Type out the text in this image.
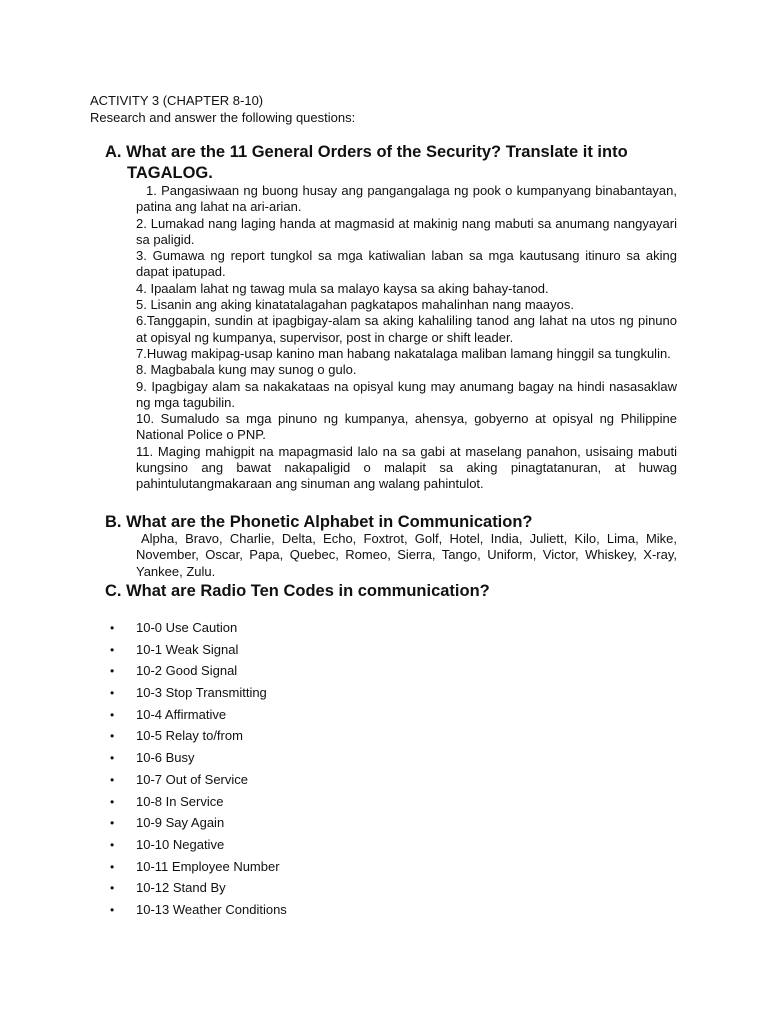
ACTIVITY 3 (CHAPTER 8-10)
Research and answer the following questions:
A. What are the 11 General Orders of the Security? Translate it into
TAGALOG.
1. Pangasiwaan ng buong husay ang pangangalaga ng pook o kumpanyang binabantayan, patina ang lahat na ari-arian.
2. Lumakad nang laging handa at magmasid at makinig nang mabuti sa anumang nangyayari sa paligid.
3. Gumawa ng report tungkol sa mga katiwalian laban sa mga kautusang itinuro sa aking dapat ipatupad.
4. Ipaalam lahat ng tawag mula sa malayo kaysa sa aking bahay-tanod.
5. Lisanin ang aking kinatatalagahan pagkatapos mahalinhan nang maayos.
6.Tanggapin, sundin at ipagbigay-alam sa aking kahaliling tanod ang lahat na utos ng pinuno at opisyal ng kumpanya, supervisor, post in charge or shift leader.
7.Huwag makipag-usap kanino man habang nakatalaga maliban lamang hinggil sa tungkulin.
8. Magbabala kung may sunog o gulo.
9. Ipagbigay alam sa nakakataas na opisyal kung may anumang bagay na hindi nasasaklaw ng mga tagubilin.
10. Sumaludo sa mga pinuno ng kumpanya, ahensya, gobyerno at opisyal ng Philippine National Police o PNP.
11. Maging mahigpit na mapagmasid lalo na sa gabi at maselang panahon, usisaing mabuti kungsino ang bawat nakapaligid o malapit sa aking pinagtatanuran, at huwag pahintulutangmakaraan ang sinuman ang walang pahintulot.
B. What are the Phonetic Alphabet in Communication?
Alpha, Bravo, Charlie, Delta, Echo, Foxtrot, Golf, Hotel, India, Juliett, Kilo, Lima, Mike, November, Oscar, Papa, Quebec, Romeo, Sierra, Tango, Uniform, Victor, Whiskey, X-ray, Yankee, Zulu.
C. What are Radio Ten Codes in communication?
•	10-0 Use Caution
•	10-1 Weak Signal
•	10-2 Good Signal
•	10-3 Stop Transmitting
•	10-4 Affirmative
•	10-5 Relay to/from
•	10-6 Busy
•	10-7 Out of Service
•	10-8 In Service
•	10-9 Say Again
•	10-10 Negative
•	10-11 Employee Number
•	10-12 Stand By
•	10-13 Weather Conditions
